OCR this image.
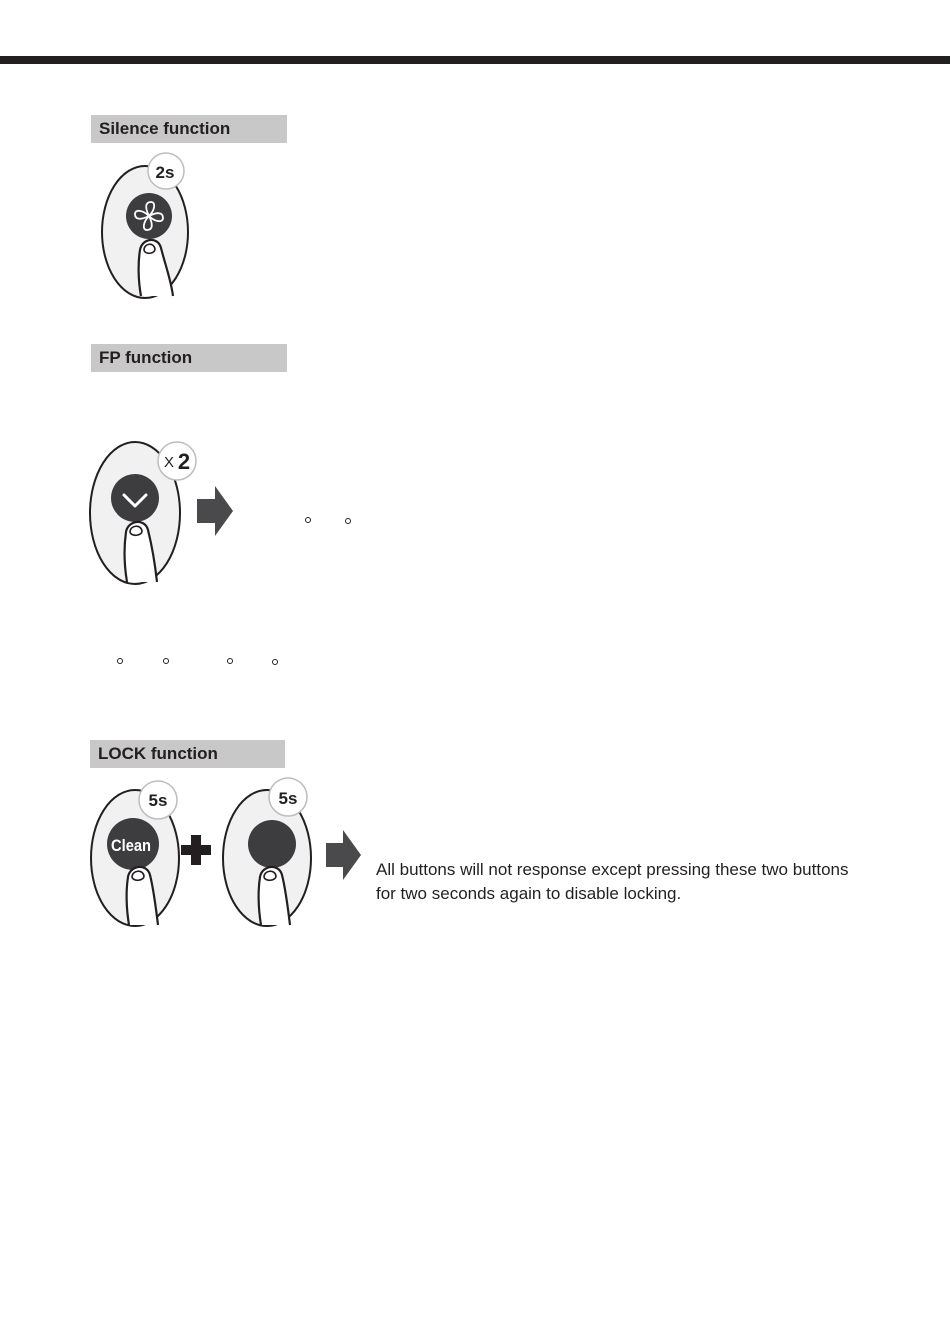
Silence function
2s
FP function
X 2
LOCK function
Clean
5s	5s
All buttons will not response except pressing these two buttons for two seconds again to disable locking.
